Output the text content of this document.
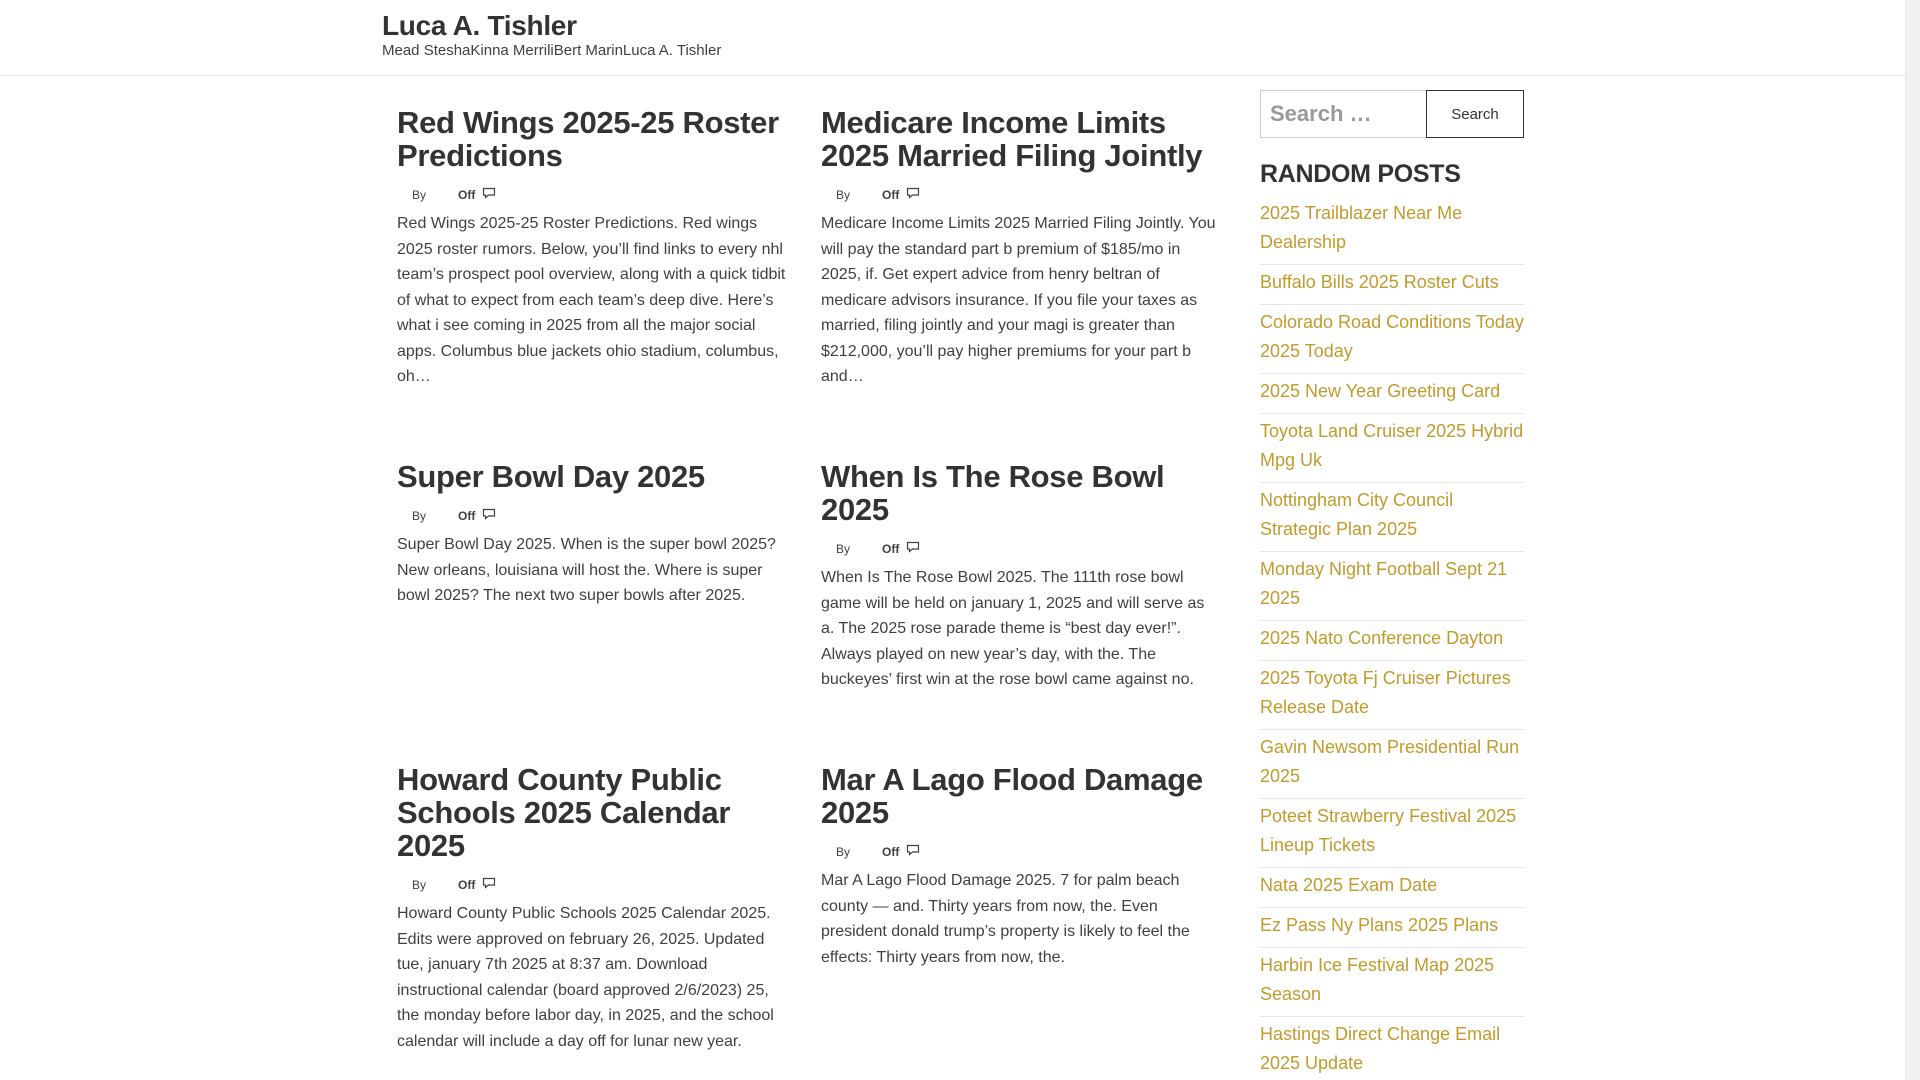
Luca A. Tishler
Mead SteshaKinna MerriliBert MarinLuca A. Tishler
Red Wings 2025-25 Roster Predictions
By	Off

Red Wings 2025-25 Roster Predictions. Red wings 2025 roster rumors. Below, you’ll find links to every nhl team’s prospect pool overview, along with a quick tidbit of what to expect from each team’s deep dive. Here’s what i see coming in 2025 from all the major social apps. Columbus blue jackets ohio stadium, columbus, oh…

Medicare Income Limits 2025 Married Filing Jointly
By	Off

Medicare Income Limits 2025 Married Filing Jointly. You will pay the standard part b premium of $185/mo in 2025, if. Get expert advice from henry beltran of medicare advisors insurance. If you file your taxes as married, filing jointly and your magi is greater than $212,000, you’ll pay higher premiums for your part b and…

Super Bowl Day 2025
By	Off

Super Bowl Day 2025. When is the super bowl 2025? New orleans, louisiana will host the. Where is super bowl 2025? The next two super bowls after 2025.

When Is The Rose Bowl 2025
By	Off

When Is The Rose Bowl 2025. The 111th rose bowl game will be held on january 1, 2025 and will serve as a. The 2025 rose parade theme is “best day ever!”. Always played on new year’s day, with the. The buckeyes’ first win at the rose bowl came against no.

Howard County Public Schools 2025 Calendar 2025
By	Off

Howard County Public Schools 2025 Calendar 2025. Edits were approved on february 26, 2025. Updated tue, january 7th 2025 at 8:37 am. Download instructional calendar (board approved 2/6/2023) 25, the monday before labor day, in 2025, and the school calendar will include a day off for lunar new year.

Mar A Lago Flood Damage 2025
By	Off

Mar A Lago Flood Damage 2025. 7 for palm beach county — and. Thirty years from now, the. Even president donald trump’s property is likely to feel the effects: Thirty years from now, the.

Search …
Search
RANDOM POSTS
2025 Trailblazer Near Me Dealership
Buffalo Bills 2025 Roster Cuts
Colorado Road Conditions Today 2025 Today
2025 New Year Greeting Card
Toyota Land Cruiser 2025 Hybrid Mpg Uk
Nottingham City Council Strategic Plan 2025
Monday Night Football Sept 21 2025
2025 Nato Conference Dayton
2025 Toyota Fj Cruiser Pictures Release Date
Gavin Newsom Presidential Run 2025
Poteet Strawberry Festival 2025 Lineup Tickets
Nata 2025 Exam Date
Ez Pass Ny Plans 2025 Plans
Harbin Ice Festival Map 2025 Season
Hastings Direct Change Email 2025 Update
